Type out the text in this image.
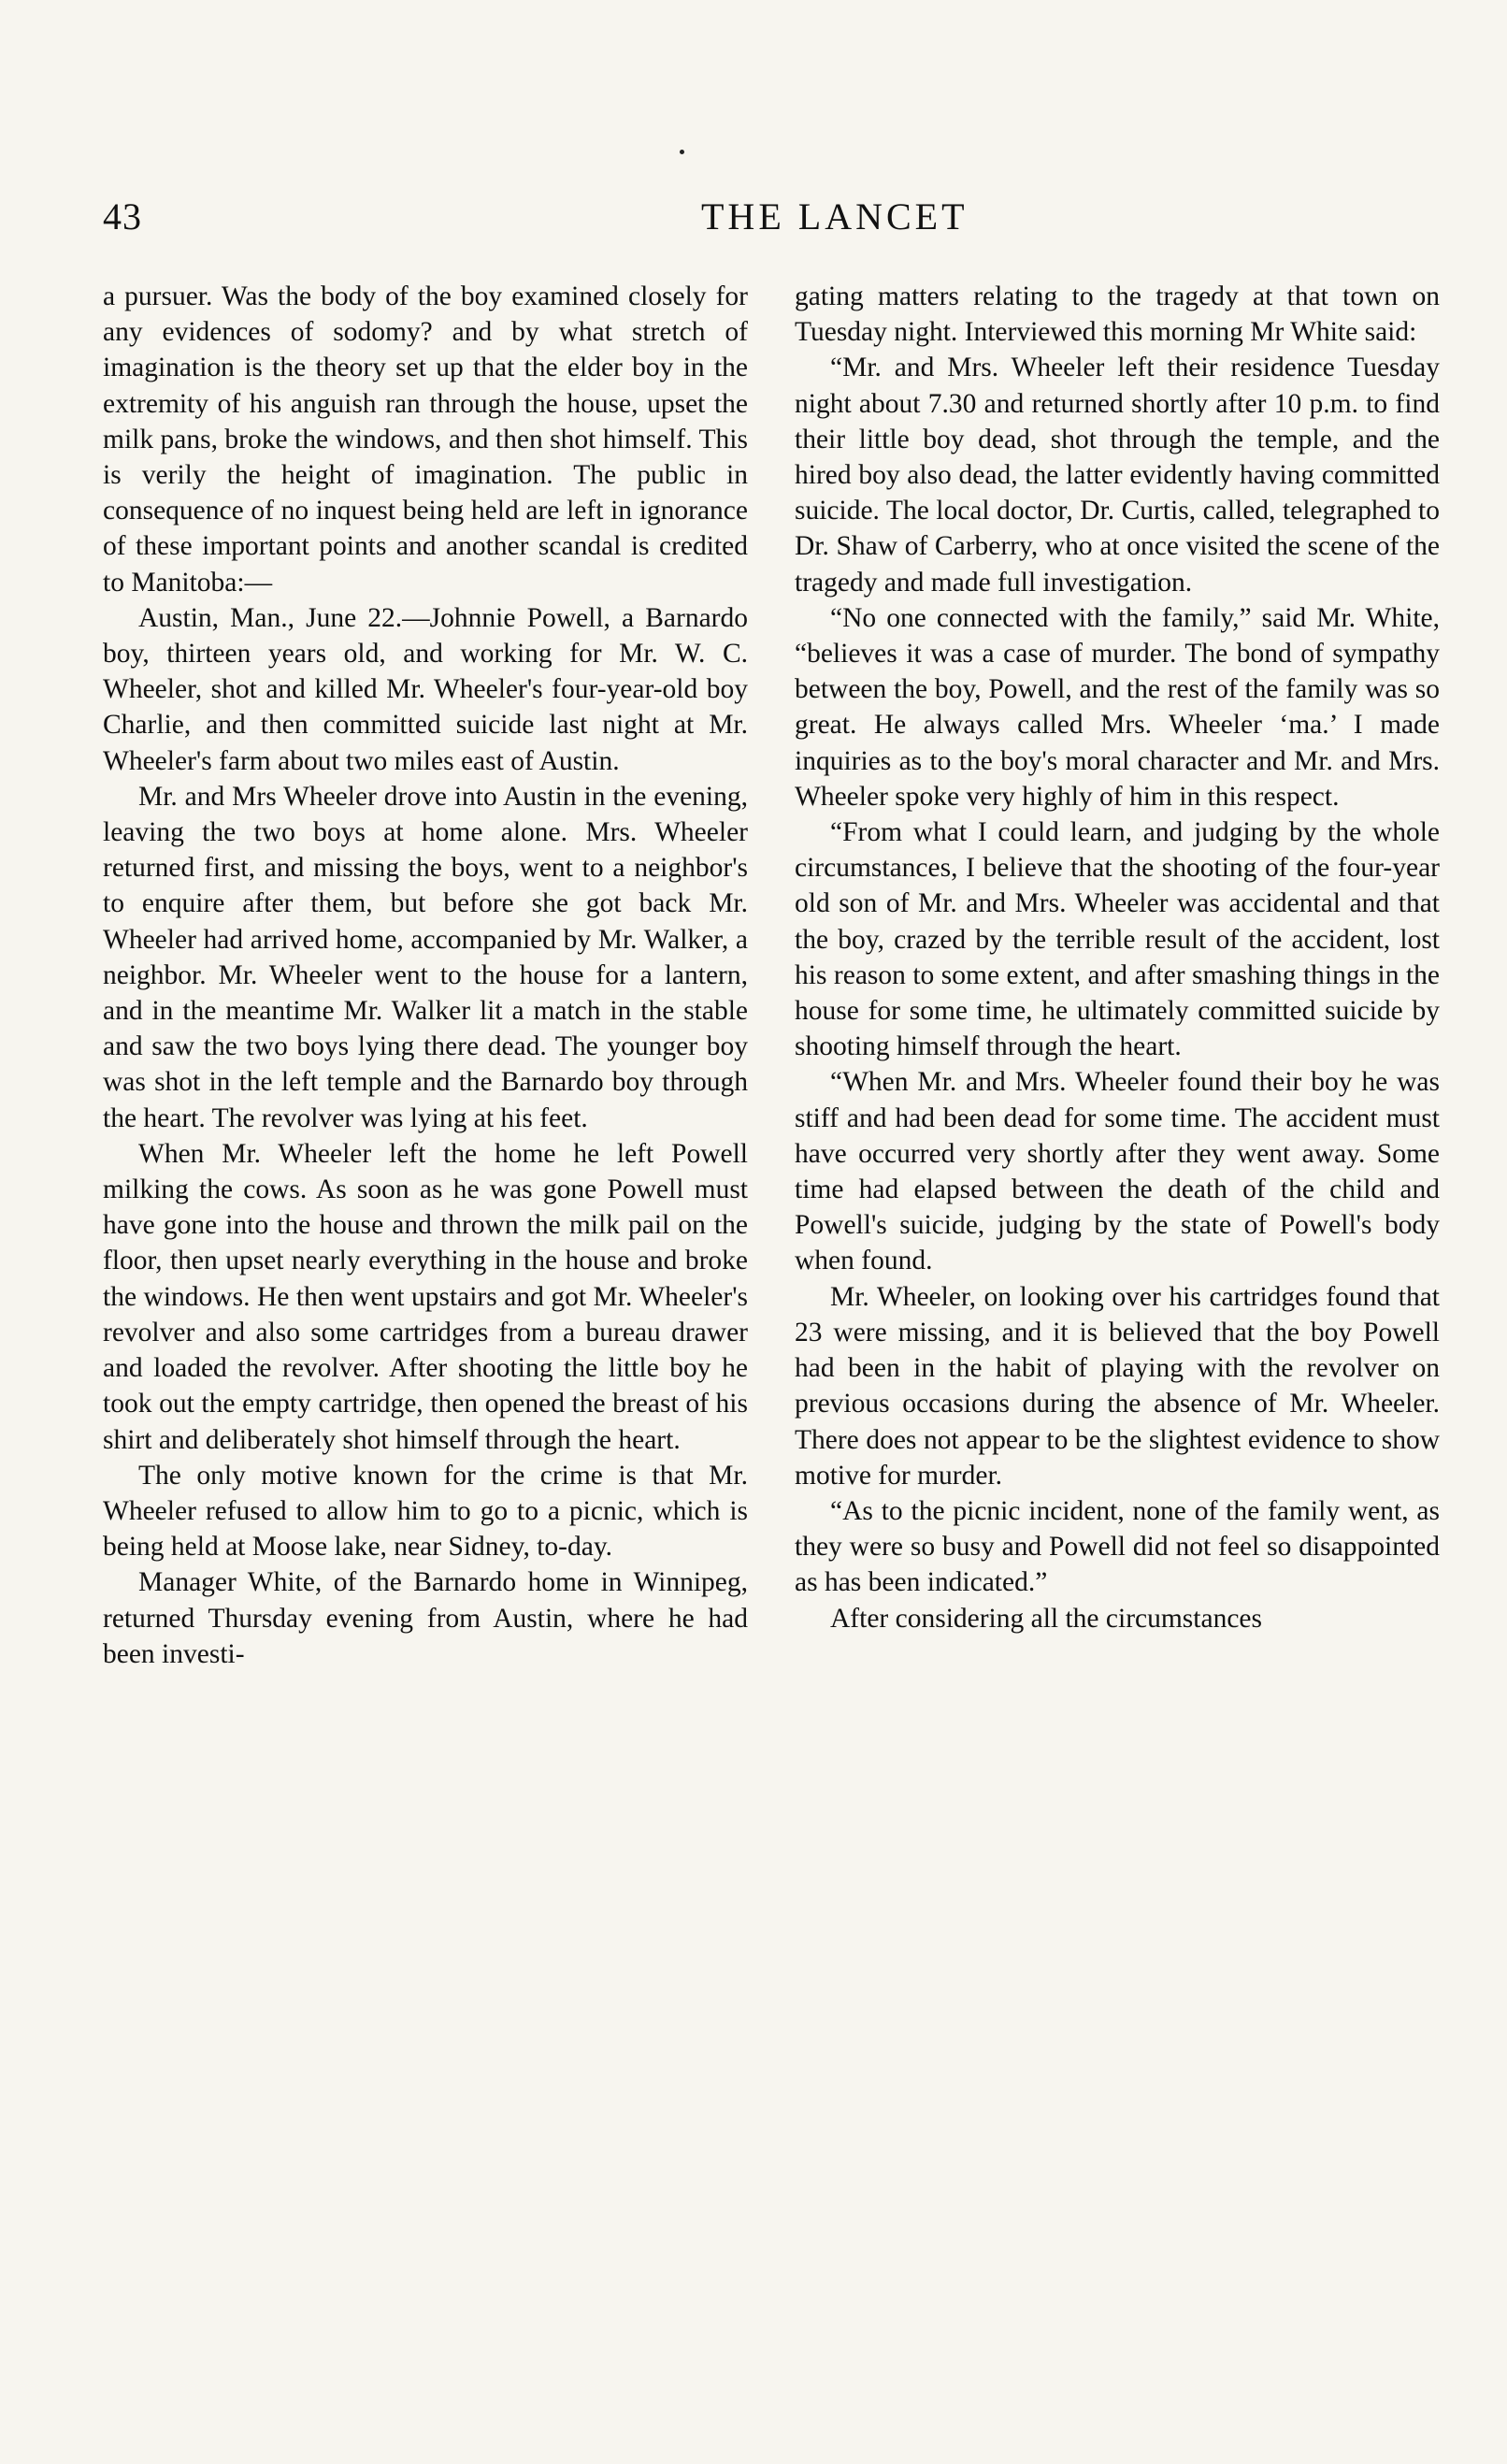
43	THE LANCET

a pursuer. Was the body of the boy examined closely for any evidences of sodomy? and by what stretch of imagination is the theory set up that the elder boy in the extremity of his anguish ran through the house, upset the milk pans, broke the windows, and then shot himself. This is verily the height of imagination. The public in consequence of no inquest being held are left in ignorance of these important points and another scandal is credited to Manitoba:—

Austin, Man., June 22.—Johnnie Powell, a Barnardo boy, thirteen years old, and working for Mr. W. C. Wheeler, shot and killed Mr. Wheeler's four-year-old boy Charlie, and then committed suicide last night at Mr. Wheeler's farm about two miles east of Austin.

Mr. and Mrs Wheeler drove into Austin in the evening, leaving the two boys at home alone. Mrs. Wheeler returned first, and missing the boys, went to a neighbor's to enquire after them, but before she got back Mr. Wheeler had arrived home, accompanied by Mr. Walker, a neighbor. Mr. Wheeler went to the house for a lantern, and in the meantime Mr. Walker lit a match in the stable and saw the two boys lying there dead. The younger boy was shot in the left temple and the Barnardo boy through the heart. The revolver was lying at his feet.

When Mr. Wheeler left the home he left Powell milking the cows. As soon as he was gone Powell must have gone into the house and thrown the milk pail on the floor, then upset nearly everything in the house and broke the windows. He then went upstairs and got Mr. Wheeler's revolver and also some cartridges from a bureau drawer and loaded the revolver. After shooting the little boy he took out the empty cartridge, then opened the breast of his shirt and deliberately shot himself through the heart.

The only motive known for the crime is that Mr. Wheeler refused to allow him to go to a picnic, which is being held at Moose lake, near Sidney, to-day.

Manager White, of the Barnardo home in Winnipeg, returned Thursday evening from Austin, where he had been investi-

gating matters relating to the tragedy at that town on Tuesday night. Interviewed this morning Mr White said:

“Mr. and Mrs. Wheeler left their residence Tuesday night about 7.30 and returned shortly after 10 p.m. to find their little boy dead, shot through the temple, and the hired boy also dead, the latter evidently having committed suicide. The local doctor, Dr. Curtis, called, telegraphed to Dr. Shaw of Carberry, who at once visited the scene of the tragedy and made full investigation.

“No one connected with the family,” said Mr. White, “believes it was a case of murder. The bond of sympathy between the boy, Powell, and the rest of the family was so great. He always called Mrs. Wheeler ‘ma.’ I made inquiries as to the boy's moral character and Mr. and Mrs. Wheeler spoke very highly of him in this respect.

“From what I could learn, and judging by the whole circumstances, I believe that the shooting of the four-year old son of Mr. and Mrs. Wheeler was accidental and that the boy, crazed by the terrible result of the accident, lost his reason to some extent, and after smashing things in the house for some time, he ultimately committed suicide by shooting himself through the heart.

“When Mr. and Mrs. Wheeler found their boy he was stiff and had been dead for some time. The accident must have occurred very shortly after they went away. Some time had elapsed between the death of the child and Powell's suicide, judging by the state of Powell's body when found.

Mr. Wheeler, on looking over his cartridges found that 23 were missing, and it is believed that the boy Powell had been in the habit of playing with the revolver on previous occasions during the absence of Mr. Wheeler. There does not appear to be the slightest evidence to show motive for murder.

“As to the picnic incident, none of the family went, as they were so busy and Powell did not feel so disappointed as has been indicated.”

After considering all the circumstances
